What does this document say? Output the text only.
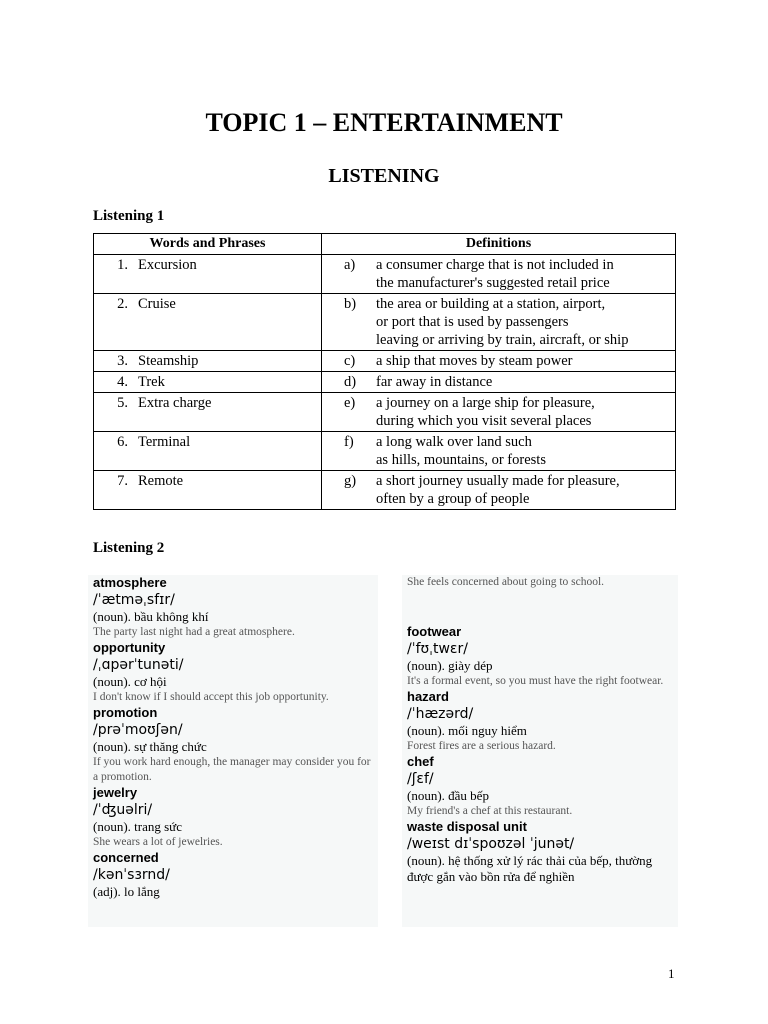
TOPIC 1 – ENTERTAINMENT
LISTENING
Listening 1
Words and Phrases	Definitions
1. Excursion	a) a consumer charge that is not included in
the manufacturer's suggested retail price

2. Cruise	b) the area or building at a station, airport,
or port that is used by passengers
leaving or arriving by train, aircraft, or ship

3. Steamship	c) a ship that moves by steam power

4. Trek	d) far away in distance

5. Extra charge	e) a journey on a large ship for pleasure,
during which you visit several places

6. Terminal	f) a long walk over land such
as hills, mountains, or forests

7. Remote	g) a short journey usually made for pleasure,
often by a group of people
Listening 2
atmosphere
/ˈætməˌsfɪr/
(noun). bầu không khí
The party last night had a great atmosphere.
opportunity
/ˌɑpərˈtunəti/
(noun). cơ hội
I don't know if I should accept this job opportunity.
promotion
/prəˈmoʊʃən/
(noun). sự thăng chức
If you work hard enough, the manager may consider you for a promotion.
jewelry
/ˈʤuəlri/
(noun). trang sức
She wears a lot of jewelries.
concerned
/kənˈsɜrnd/
(adj). lo lắng
She feels concerned about going to school.
footwear
/ˈfʊˌtwɛr/
(noun). giày dép
It's a formal event, so you must have the right footwear.
hazard
/ˈhæzərd/
(noun). mối nguy hiểm
Forest fires are a serious hazard.
chef
/ʃɛf/
(noun). đầu bếp
My friend's a chef at this restaurant.
waste disposal unit
/weɪst dɪˈspoʊzəl ˈjunət/
(noun). hệ thống xử lý rác thải của bếp, thường được gắn vào bồn rửa để nghiền
1
